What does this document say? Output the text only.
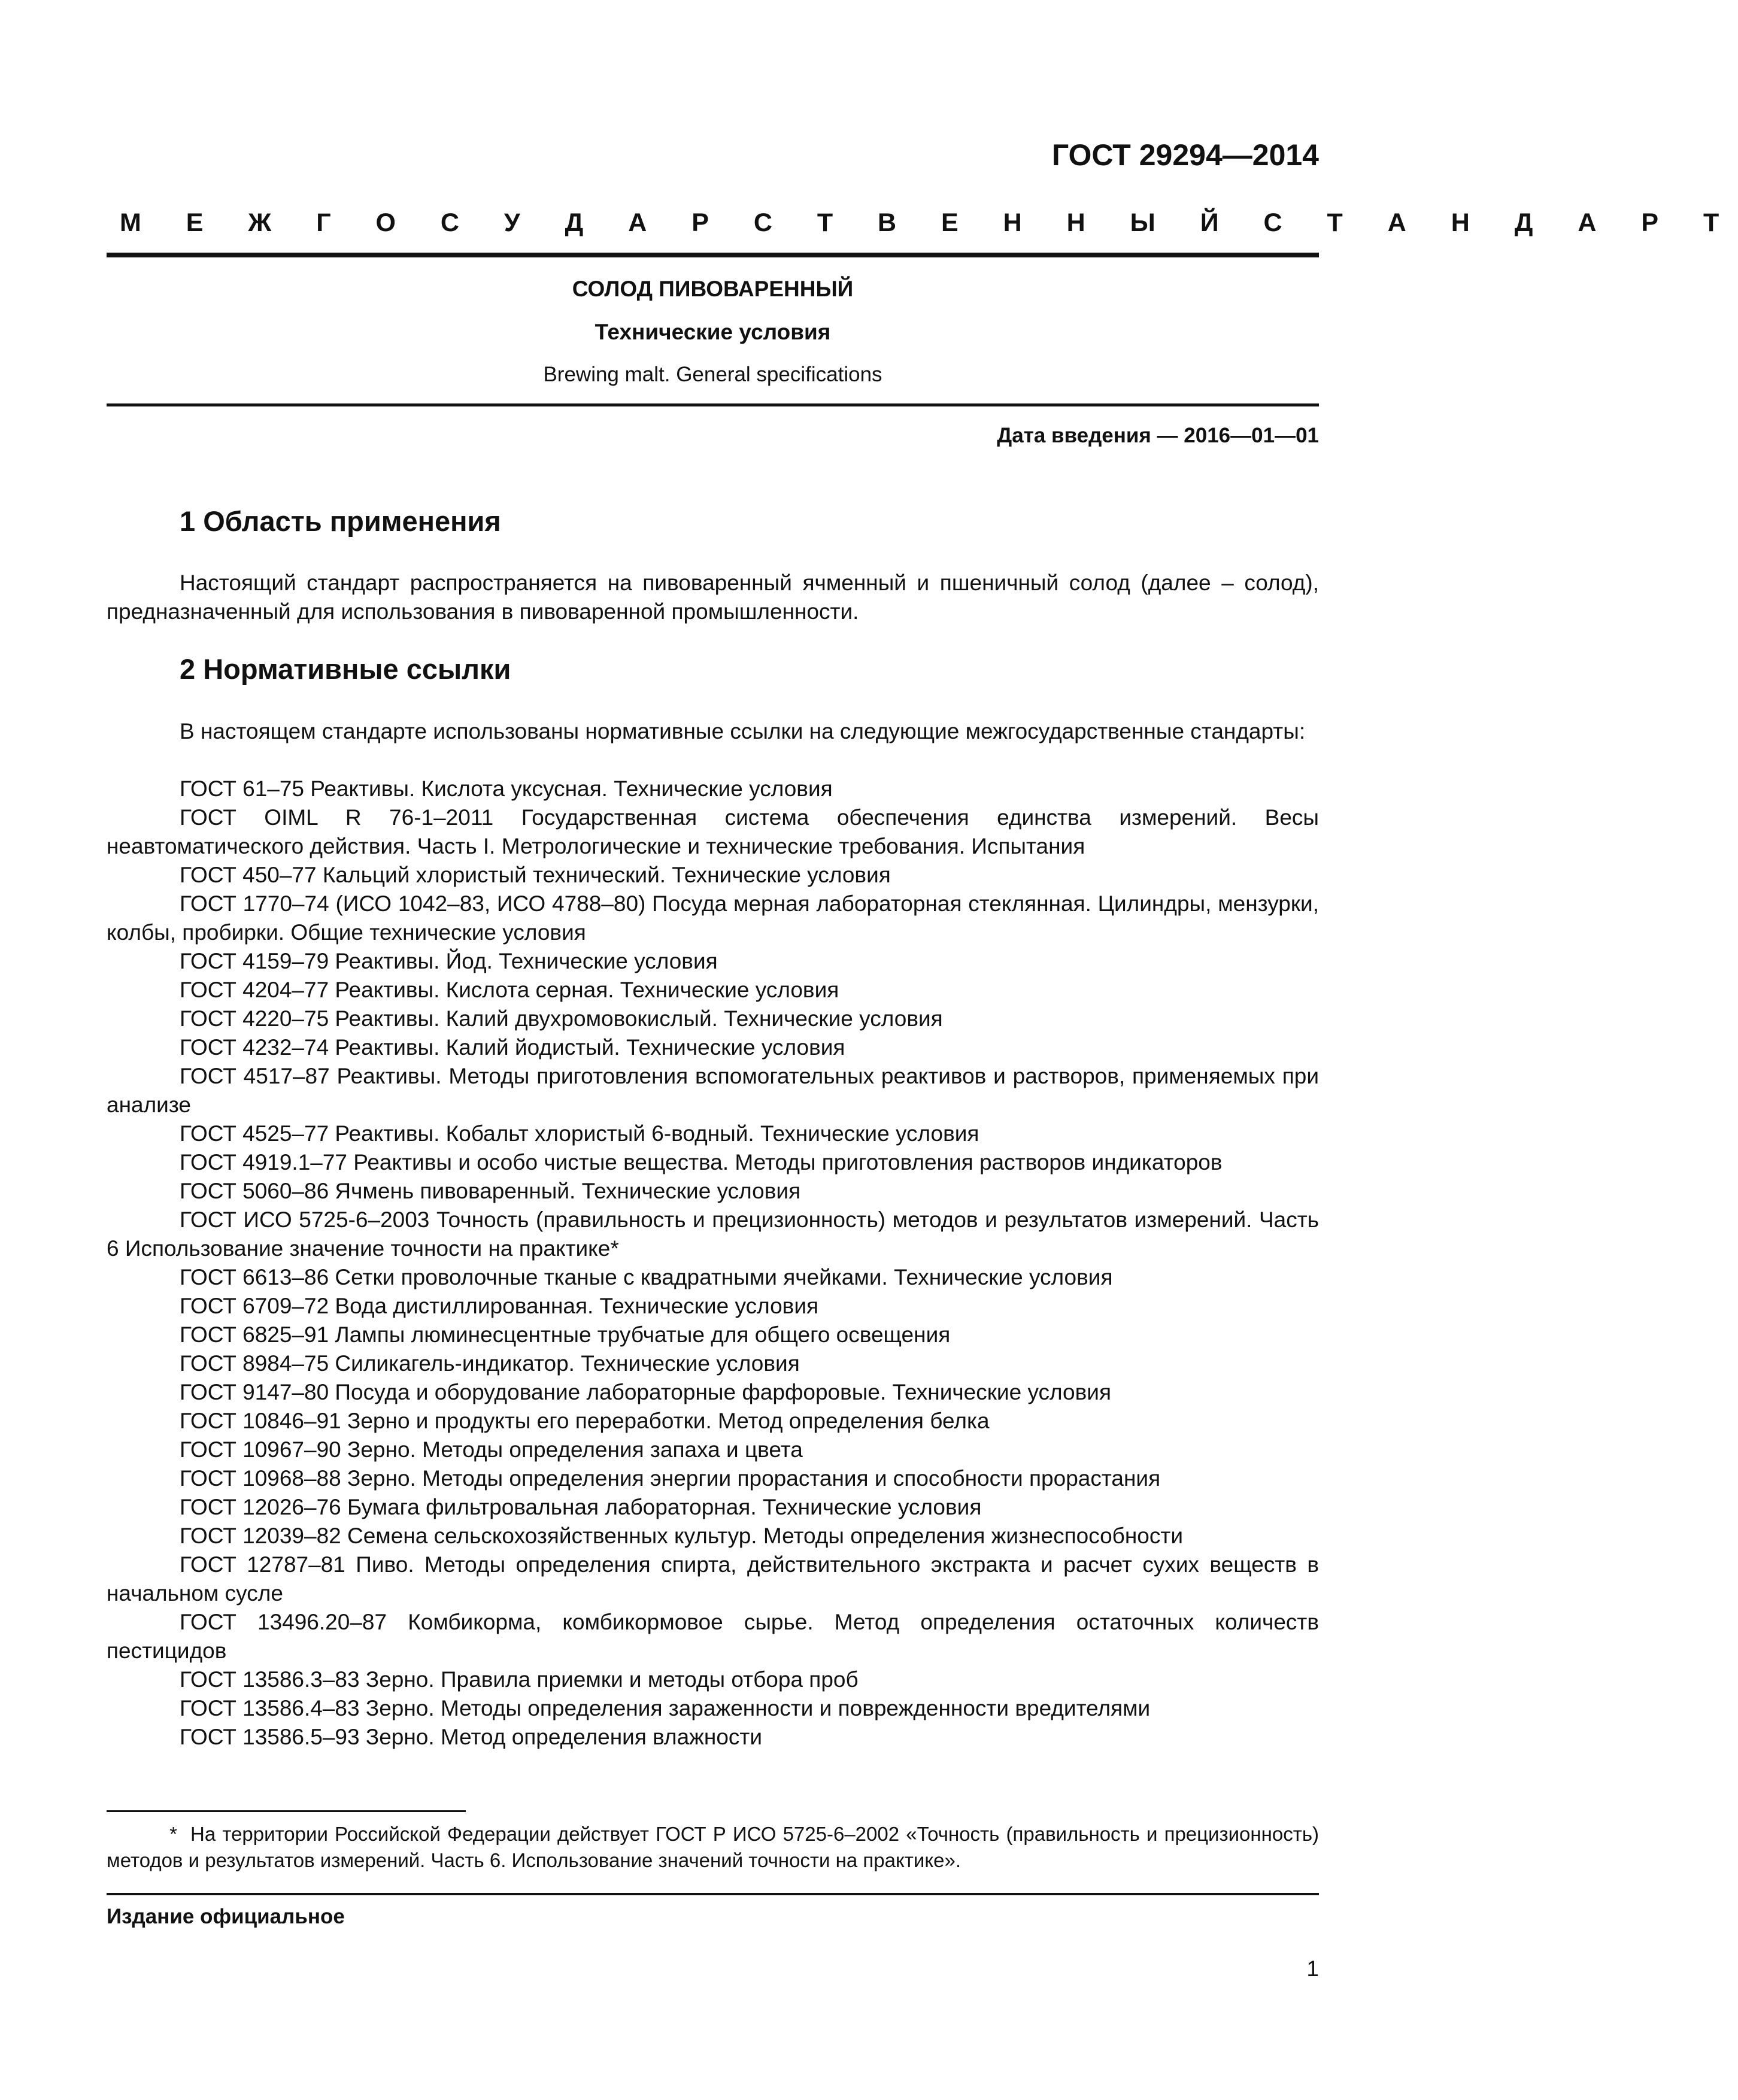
ГОСТ 29294—2014
М Е Ж Г О С У Д А Р С Т В Е Н Н Ы Й С Т А Н Д А Р Т
СОЛОД ПИВОВАРЕННЫЙ
Технические условия
Brewing malt. General specifications
Дата введения — 2016—01—01
1 Область применения
Настоящий стандарт распространяется на пивоваренный ячменный и пшеничный солод (далее – солод), предназначенный для использования в пивоваренной промышленности.
2 Нормативные ссылки
В настоящем стандарте использованы нормативные ссылки на следующие межгосударственные стандарты:
ГОСТ 61–75 Реактивы. Кислота уксусная. Технические условия
ГОСТ OIML R 76-1–2011 Государственная система обеспечения единства измерений. Весы неавтоматического действия. Часть I. Метрологические и технические требования. Испытания
ГОСТ 450–77 Кальций хлористый технический. Технические условия
ГОСТ 1770–74 (ИСО 1042–83, ИСО 4788–80) Посуда мерная лабораторная стеклянная. Цилиндры, мензурки, колбы, пробирки. Общие технические условия
ГОСТ 4159–79 Реактивы. Йод. Технические условия
ГОСТ 4204–77 Реактивы. Кислота серная. Технические условия
ГОСТ 4220–75 Реактивы. Калий двухромовокислый. Технические условия
ГОСТ 4232–74 Реактивы. Калий йодистый. Технические условия
ГОСТ 4517–87 Реактивы. Методы приготовления вспомогательных реактивов и растворов, применяемых при анализе
ГОСТ 4525–77 Реактивы. Кобальт хлористый 6-водный. Технические условия
ГОСТ 4919.1–77 Реактивы и особо чистые вещества. Методы приготовления растворов индикаторов
ГОСТ 5060–86 Ячмень пивоваренный. Технические условия
ГОСТ ИСО 5725-6–2003 Точность (правильность и прецизионность) методов и результатов измерений. Часть 6 Использование значение точности на практике*
ГОСТ 6613–86 Сетки проволочные тканые с квадратными ячейками. Технические условия
ГОСТ 6709–72 Вода дистиллированная. Технические условия
ГОСТ 6825–91 Лампы люминесцентные трубчатые для общего освещения
ГОСТ 8984–75 Силикагель-индикатор. Технические условия
ГОСТ 9147–80 Посуда и оборудование лабораторные фарфоровые. Технические условия
ГОСТ 10846–91 Зерно и продукты его переработки. Метод определения белка
ГОСТ 10967–90 Зерно. Методы определения запаха и цвета
ГОСТ 10968–88 Зерно. Методы определения энергии прорастания и способности прорастания
ГОСТ 12026–76 Бумага фильтровальная лабораторная. Технические условия
ГОСТ 12039–82 Семена сельскохозяйственных культур. Методы определения жизнеспособности
ГОСТ 12787–81 Пиво. Методы определения спирта, действительного экстракта и расчет сухих веществ в начальном сусле
ГОСТ 13496.20–87 Комбикорма, комбикормовое сырье. Метод определения остаточных количеств пестицидов
ГОСТ 13586.3–83 Зерно. Правила приемки и методы отбора проб
ГОСТ 13586.4–83 Зерно. Методы определения зараженности и поврежденности вредителями
ГОСТ 13586.5–93 Зерно. Метод определения влажности
* На территории Российской Федерации действует ГОСТ Р ИСО 5725-6–2002 «Точность (правильность и прецизионность) методов и результатов измерений. Часть 6. Использование значений точности на практике».
Издание официальное
1
